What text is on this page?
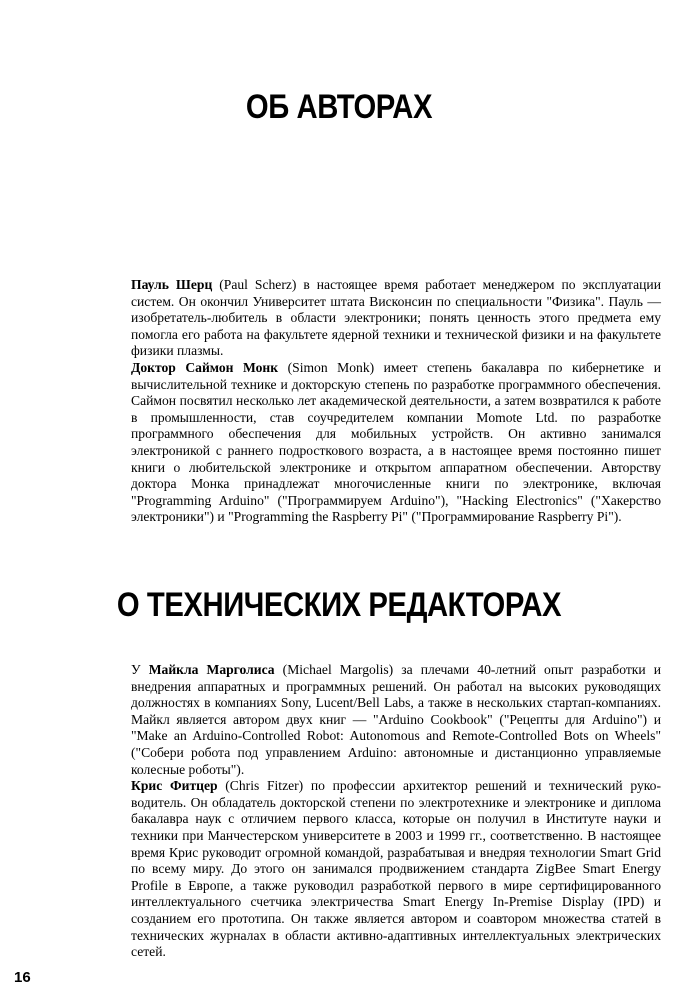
ОБ АВТОРАХ

Пауль Шерц (Paul Scherz) в настоящее время работает менеджером по эксплуатации систем. Он окончил Университет штата Висконсин по специальности "Физика". Пауль — изобретатель-любитель в области электроники; понять ценность этого предмета ему помогла его работа на факультете ядерной техники и технической физики и на факультете физики плазмы.

Доктор Саймон Монк (Simon Monk) имеет степень бакалавра по кибернетике и вычислительной технике и докторскую степень по разработке программного обеспечения. Саймон посвятил несколько лет академической деятельности, а затем возвратился к работе в промышленности, став соучредителем компании Momote Ltd. по разработке программного обеспечения для мобильных устройств. Он активно занимался электроникой с раннего подросткового возраста, а в настоящее время постоянно пишет книги о любительской электронике и открытом аппаратном обеспечении. Авторству доктора Монка принадлежат многочисленные книги по электронике, включая "Programming Arduino" ("Программируем Arduino"), "Hacking Electronics" ("Хакерство электроники") и "Programming the Raspberry Pi" ("Программирование Raspberry Pi").

О ТЕХНИЧЕСКИХ РЕДАКТОРАХ

У Майкла Марголиса (Michael Margolis) за плечами 40-летний опыт разработки и внедрения аппаратных и программных решений. Он работал на высоких руководящих должностях в компаниях Sony, Lucent/Bell Labs, а также в нескольких стартап-компаниях. Майкл является автором двух книг — "Arduino Cookbook" ("Рецепты для Arduino") и "Make an Arduino-Controlled Robot: Autonomous and Remote-Controlled Bots on Wheels" ("Собери робота под управлением Arduino: автономные и дистанционно управляемые колесные роботы").

Крис Фитцер (Chris Fitzer) по профессии архитектор решений и технический руководитель. Он обладатель докторской степени по электротехнике и электронике и диплома бакалавра наук с отличием первого класса, которые он получил в Институте науки и техники при Манчестерском университете в 2003 и 1999 гг., соответственно. В настоящее время Крис руководит огромной командой, разрабатывая и внедряя технологии Smart Grid по всему миру. До этого он занимался продвижением стандарта ZigBee Smart Energy Profile в Европе, а также руководил разработкой первого в мире сертифицированного интеллектуального счетчика электричества Smart Energy In-Premise Display (IPD) и созданием его прототипа. Он также является автором и соавтором множества статей в технических журналах в области активно-адаптивных интеллектуальных электрических сетей.

16
